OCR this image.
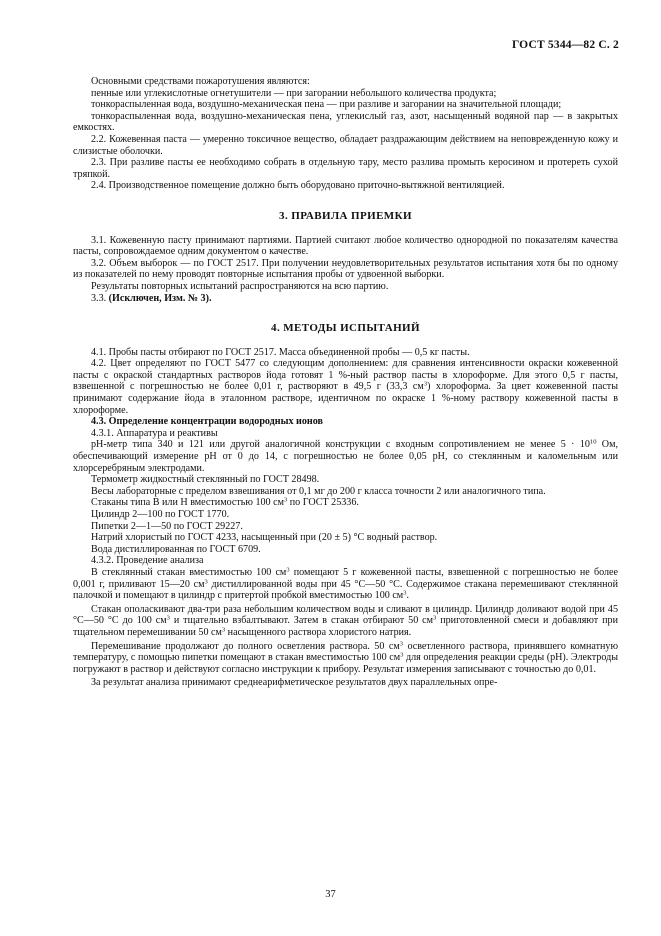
ГОСТ 5344—82 С. 2

Основными средствами пожаротушения являются:

пенные или углекислотные огнетушители — при загорании небольшого количества продукта;

тонкораспыленная вода, воздушно-механическая пена — при разливе и загорании на значительной площади;

тонкораспыленная вода, воздушно-механическая пена, углекислый газ, азот, насыщенный водяной пар — в закрытых емкостях.

2.2. Кожевенная паста — умеренно токсичное вещество, обладает раздражающим действием на неповрежденную кожу и слизистые оболочки.

2.3. При разливе пасты ее необходимо собрать в отдельную тару, место разлива промыть керосином и протереть сухой тряпкой.

2.4. Производственное помещение должно быть оборудовано приточно-вытяжной вентиляцией.

3. ПРАВИЛА ПРИЕМКИ

3.1. Кожевенную пасту принимают партиями. Партией считают любое количество однородной по показателям качества пасты, сопровождаемое одним документом о качестве.

3.2. Объем выборок — по ГОСТ 2517. При получении неудовлетворительных результатов испытания хотя бы по одному из показателей по нему проводят повторные испытания пробы от удвоенной выборки.

Результаты повторных испытаний распространяются на всю партию.

3.3. (Исключен, Изм. № 3).

4. МЕТОДЫ ИСПЫТАНИЙ

4.1. Пробы пасты отбирают по ГОСТ 2517. Масса объединенной пробы — 0,5 кг пасты.

4.2. Цвет определяют по ГОСТ 5477 со следующим дополнением: для сравнения интенсивности окраски кожевенной пасты с окраской стандартных растворов йода готовят 1 %-ный раствор пасты в хлороформе. Для этого 0,5 г пасты, взвешенной с погрешностью не более 0,01 г, растворяют в 49,5 г (33,3 $см^3$) хлороформа. За цвет кожевенной пасты принимают содержание йода в эталонном растворе, идентичном по окраске 1 %-ному раствору кожевенной пасты в хлороформе.

4.3. Определение концентрации водородных ионов

4.3.1. Аппаратура и реактивы

рН-метр типа 340 и 121 или другой аналогичной конструкции с входным сопротивлением не менее $5 \cdot 10^{10}$ Ом, обеспечивающий измерение рН от 0 до 14, с погрешностью не более 0,05 рН, со стеклянным и каломельным или хлорсеребряным электродами.

Термометр жидкостный стеклянный по ГОСТ 28498.

Весы лабораторные с пределом взвешивания от 0,1 мг до 200 г класса точности 2 или аналогичного типа.

Стаканы типа В или Н вместимостью 100 $см^3$ по ГОСТ 25336.

Цилиндр 2—100 по ГОСТ 1770.

Пипетки 2—1—50 по ГОСТ 29227.

Натрий хлористый по ГОСТ 4233, насыщенный при (20 ± 5) °С водный раствор.

Вода дистиллированная по ГОСТ 6709.

4.3.2. Проведение анализа

В стеклянный стакан вместимостью 100 $см^3$ помещают 5 г кожевенной пасты, взвешенной с погрешностью не более 0,001 г, приливают 15—20 $см^3$ дистиллированной воды при 45 °С—50 °С. Содержимое стакана перемешивают стеклянной палочкой и помещают в цилиндр с притертой пробкой вместимостью 100 $см^3$.

Стакан ополаскивают два-три раза небольшим количеством воды и сливают в цилиндр. Цилиндр доливают водой при 45 °С—50 °С до 100 $см^3$ и тщательно взбалтывают. Затем в стакан отбирают 50 $см^3$ приготовленной смеси и добавляют при тщательном перемешивании 50 $см^3$ насыщенного раствора хлористого натрия.

Перемешивание продолжают до полного осветления раствора. 50 $см^3$ осветленного раствора, принявшего комнатную температуру, с помощью пипетки помещают в стакан вместимостью 100 $см^3$ для определения реакции среды (рН). Электроды погружают в раствор и действуют согласно инструкции к прибору. Результат измерения записывают с точностью до 0,01.

За результат анализа принимают среднеарифметическое результатов двух параллельных опре-

37
